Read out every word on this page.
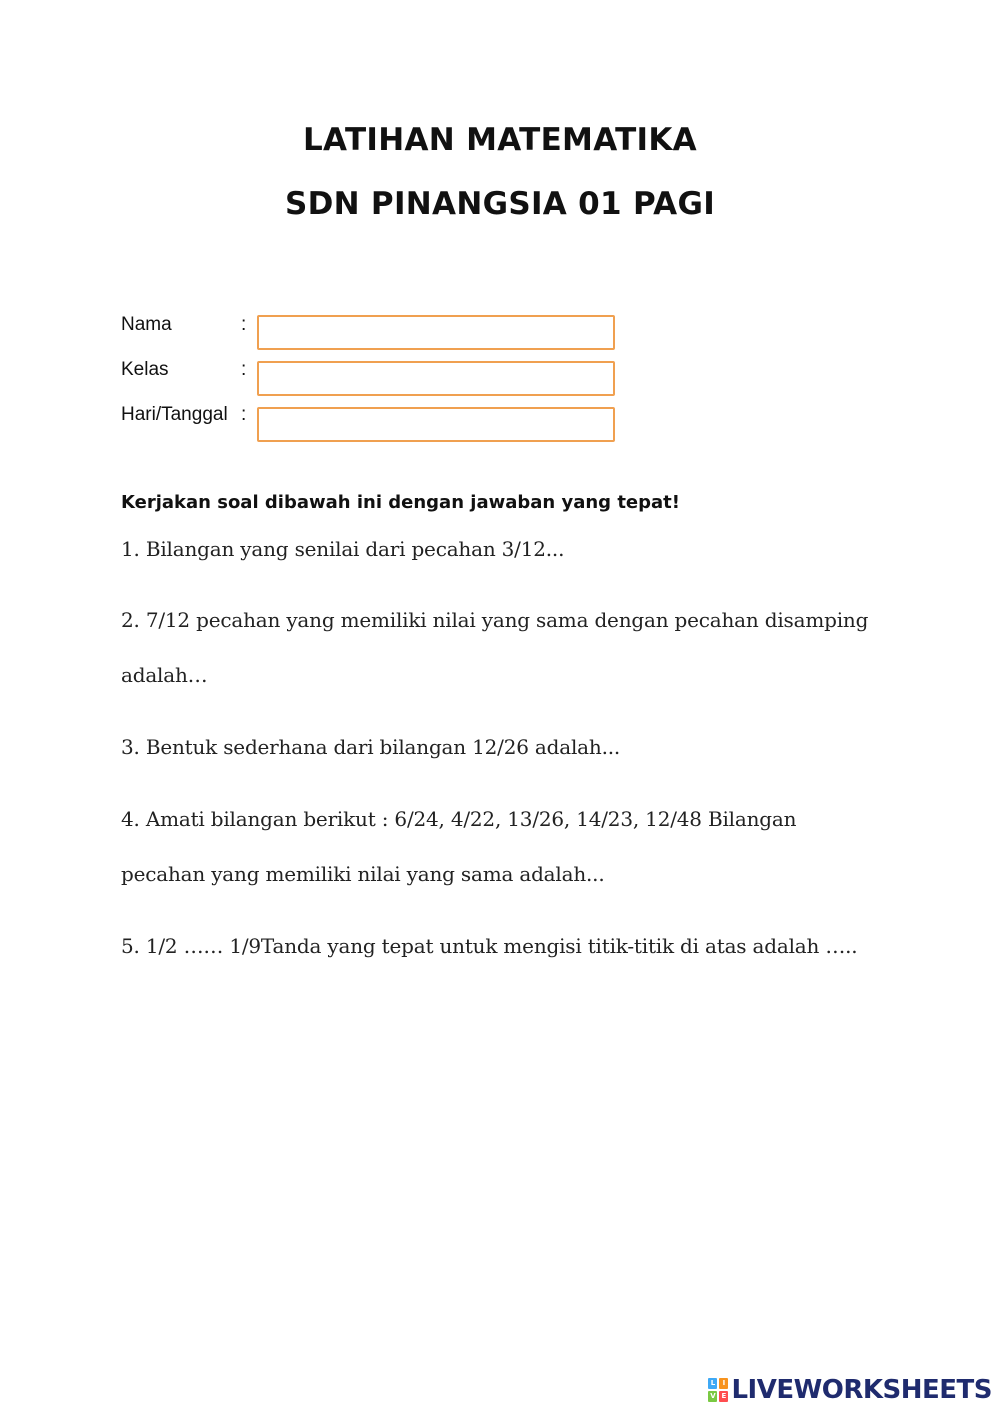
LATIHAN MATEMATIKA
SDN PINANGSIA 01 PAGI
Nama	:
Kelas	:
Hari/Tanggal :
Kerjakan soal dibawah ini dengan jawaban yang tepat!
1. Bilangan yang senilai dari pecahan 3/12...
2. 7/12 pecahan yang memiliki nilai yang sama dengan pecahan disamping adalah…
3. Bentuk sederhana dari bilangan 12/26 adalah...
4. Amati bilangan berikut : 6/24, 4/22, 13/26, 14/23, 12/48 Bilangan pecahan yang memiliki nilai yang sama adalah...
5. 1/2 …… 1/9Tanda yang tepat untuk mengisi titik-titik di atas adalah …..
L	I
V E LIVEWORKSHEETS
